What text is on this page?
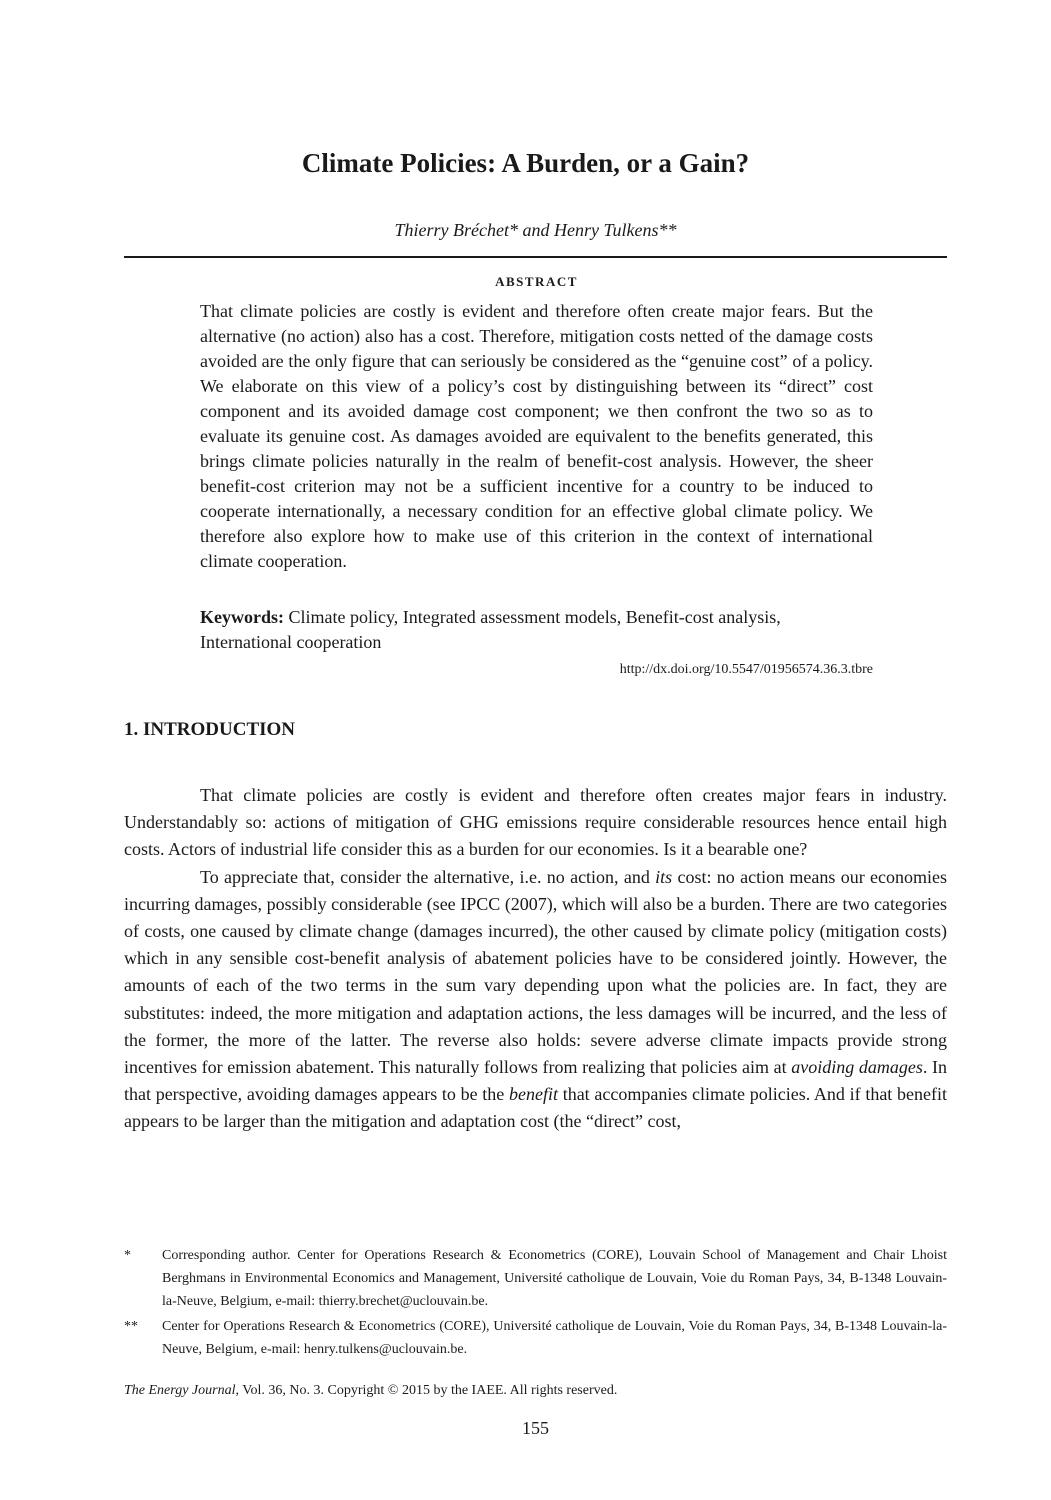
Climate Policies: A Burden, or a Gain?
Thierry Bréchet* and Henry Tulkens**
ABSTRACT

That climate policies are costly is evident and therefore often create major fears. But the alternative (no action) also has a cost. Therefore, mitigation costs netted of the damage costs avoided are the only figure that can seriously be considered as the “genuine cost” of a policy. We elaborate on this view of a policy’s cost by distinguishing between its “direct” cost component and its avoided damage cost component; we then confront the two so as to evaluate its genuine cost. As damages avoided are equivalent to the benefits generated, this brings climate policies naturally in the realm of benefit-cost analysis. However, the sheer benefit-cost criterion may not be a sufficient incentive for a country to be induced to cooperate internationally, a necessary condition for an effective global climate policy. We therefore also explore how to make use of this criterion in the context of international climate cooperation.

Keywords: Climate policy, Integrated assessment models, Benefit-cost analysis, International cooperation

http://dx.doi.org/10.5547/01956574.36.3.tbre
1. INTRODUCTION

That climate policies are costly is evident and therefore often creates major fears in industry. Understandably so: actions of mitigation of GHG emissions require considerable resources hence entail high costs. Actors of industrial life consider this as a burden for our economies. Is it a bearable one?

To appreciate that, consider the alternative, i.e. no action, and its cost: no action means our economies incurring damages, possibly considerable (see IPCC (2007), which will also be a burden. There are two categories of costs, one caused by climate change (damages incurred), the other caused by climate policy (mitigation costs) which in any sensible cost-benefit analysis of abatement policies have to be considered jointly. However, the amounts of each of the two terms in the sum vary depending upon what the policies are. In fact, they are substitutes: indeed, the more mitigation and adaptation actions, the less damages will be incurred, and the less of the former, the more of the latter. The reverse also holds: severe adverse climate impacts provide strong incentives for emission abatement. This naturally follows from realizing that policies aim at avoiding damages. In that perspective, avoiding damages appears to be the benefit that accompanies climate policies. And if that benefit appears to be larger than the mitigation and adaptation cost (the “direct” cost,

* Corresponding author. Center for Operations Research & Econometrics (CORE), Louvain School of Management and Chair Lhoist Berghmans in Environmental Economics and Management, Université catholique de Louvain, Voie du Roman Pays, 34, B-1348 Louvain-la-Neuve, Belgium, e-mail: thierry.brechet@uclouvain.be.
** Center for Operations Research & Econometrics (CORE), Université catholique de Louvain, Voie du Roman Pays, 34, B-1348 Louvain-la-Neuve, Belgium, e-mail: henry.tulkens@uclouvain.be.
The Energy Journal, Vol. 36, No. 3. Copyright © 2015 by the IAEE. All rights reserved.
155
